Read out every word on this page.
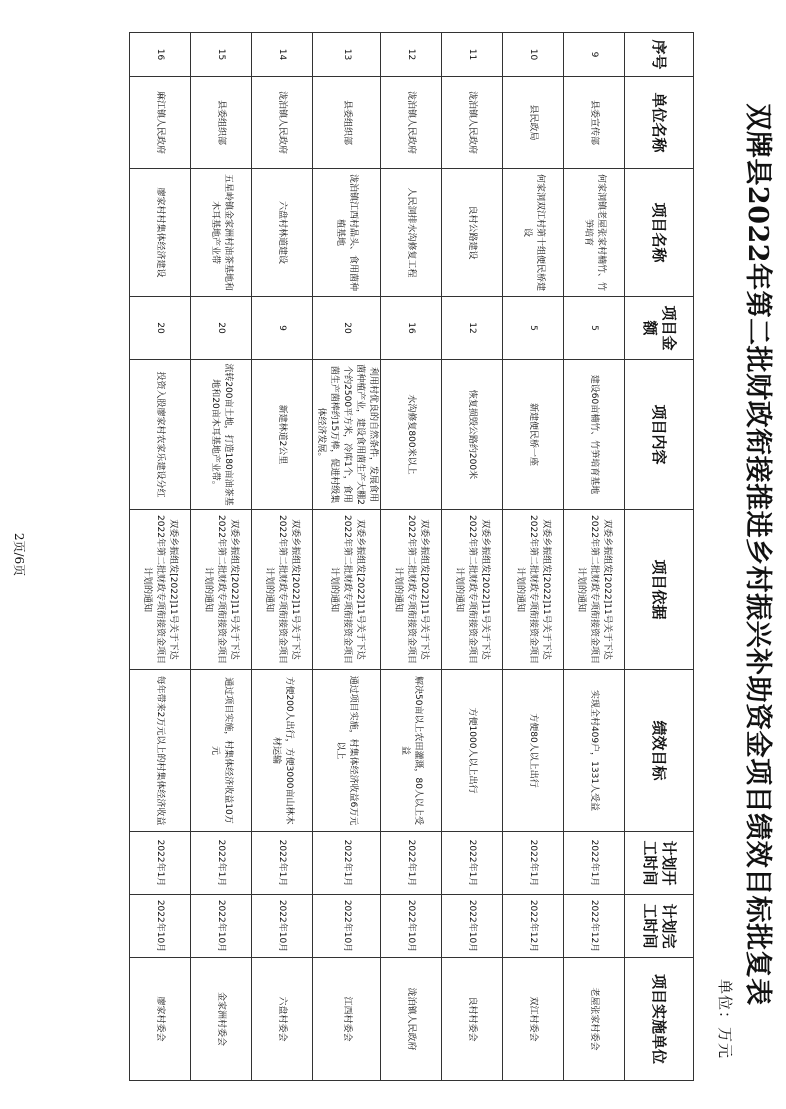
双牌县2022年第二批财政衔接推进乡村振兴补助资金项目绩效目标批复表
单位：万元
序号	单位名称	项目名称	项目金额	项目内容	项目依据	绩效目标	计划开工时间	计划完工时间	项目实施单位
9	县委宣传部	何家洞镇老屋张家村楠竹、竹笋培育	5	建设60亩楠竹、竹笋培育基地	双委乡振组发[2022]11号关于下达2022年第二批财政专项衔接资金项目计划的通知	实现全村409户，1331人受益	2022年1月	2022年12月	老屋张家村委会
10	县民政局	何家洞双江村第十组便民桥建设	5	新建便民桥一座	双委乡振组发[2022]11号关于下达2022年第二批财政专项衔接资金项目计划的通知	方便80人以上出行	2022年1月	2022年12月	双江村委会
11	泷泊镇人民政府	良村公路建设	12	恢复损毁公路约200米	双委乡振组发[2022]11号关于下达2022年第二批财政专项衔接资金项目计划的通知	方便1000人以上出行	2022年1月	2022年10月	良村村委会
12	泷泊镇人民政府	人民洞排水沟修复工程	16	水沟修复800米以上	双委乡振组发[2022]11号关于下达2022年第二批财政专项衔接资金项目计划的通知	解决50亩以上农田灌溉，80人以上受益	2022年1月	2022年10月	泷泊镇人民政府
13	县委组织部	泷泊镇江西村晶头、食用菌种植基地	20	利用村优良的自然条件，发展食用菌种植产业，建设食用菌生产大棚2个约2500平方米，冷库1个，食用菌生产菌棒约15万棒，促进村级集体经济发展。	双委乡振组发[2022]11号关于下达2022年第二批财政专项衔接资金项目计划的通知	通过项目实施，村集体经济收益6万元以上	2022年1月	2022年10月	江西村委会
14	泷泊镇人民政府	六盘村林道建设	9	新建林道2公里	双委乡振组发[2022]11号关于下达2022年第二批财政专项衔接资金项目计划的通知	方便200人出行，方便3000亩山林木材运输	2022年1月	2022年10月	六盘村委会
15	县委组织部	五星岭镇金家洲村油茶基地和木耳基地产业带	20	流转200亩土地，打造180亩油茶基地和20亩木耳基地产业带。	双委乡振组发[2022]11号关于下达2022年第二批财政专项衔接资金项目计划的通知	通过项目实施，村集体经济收益10万元	2022年1月	2022年10月	金家洲村委会
16	麻江镇人民政府	廖家村村集体经济建设	20	投资入股廖家村农家乐建设分红	双委乡振组发[2022]11号关于下达2022年第二批财政专项衔接资金项目计划的通知	每年带来2万元以上的村集体经济收益	2022年1月	2022年10月	廖家村委会
2页/6页
